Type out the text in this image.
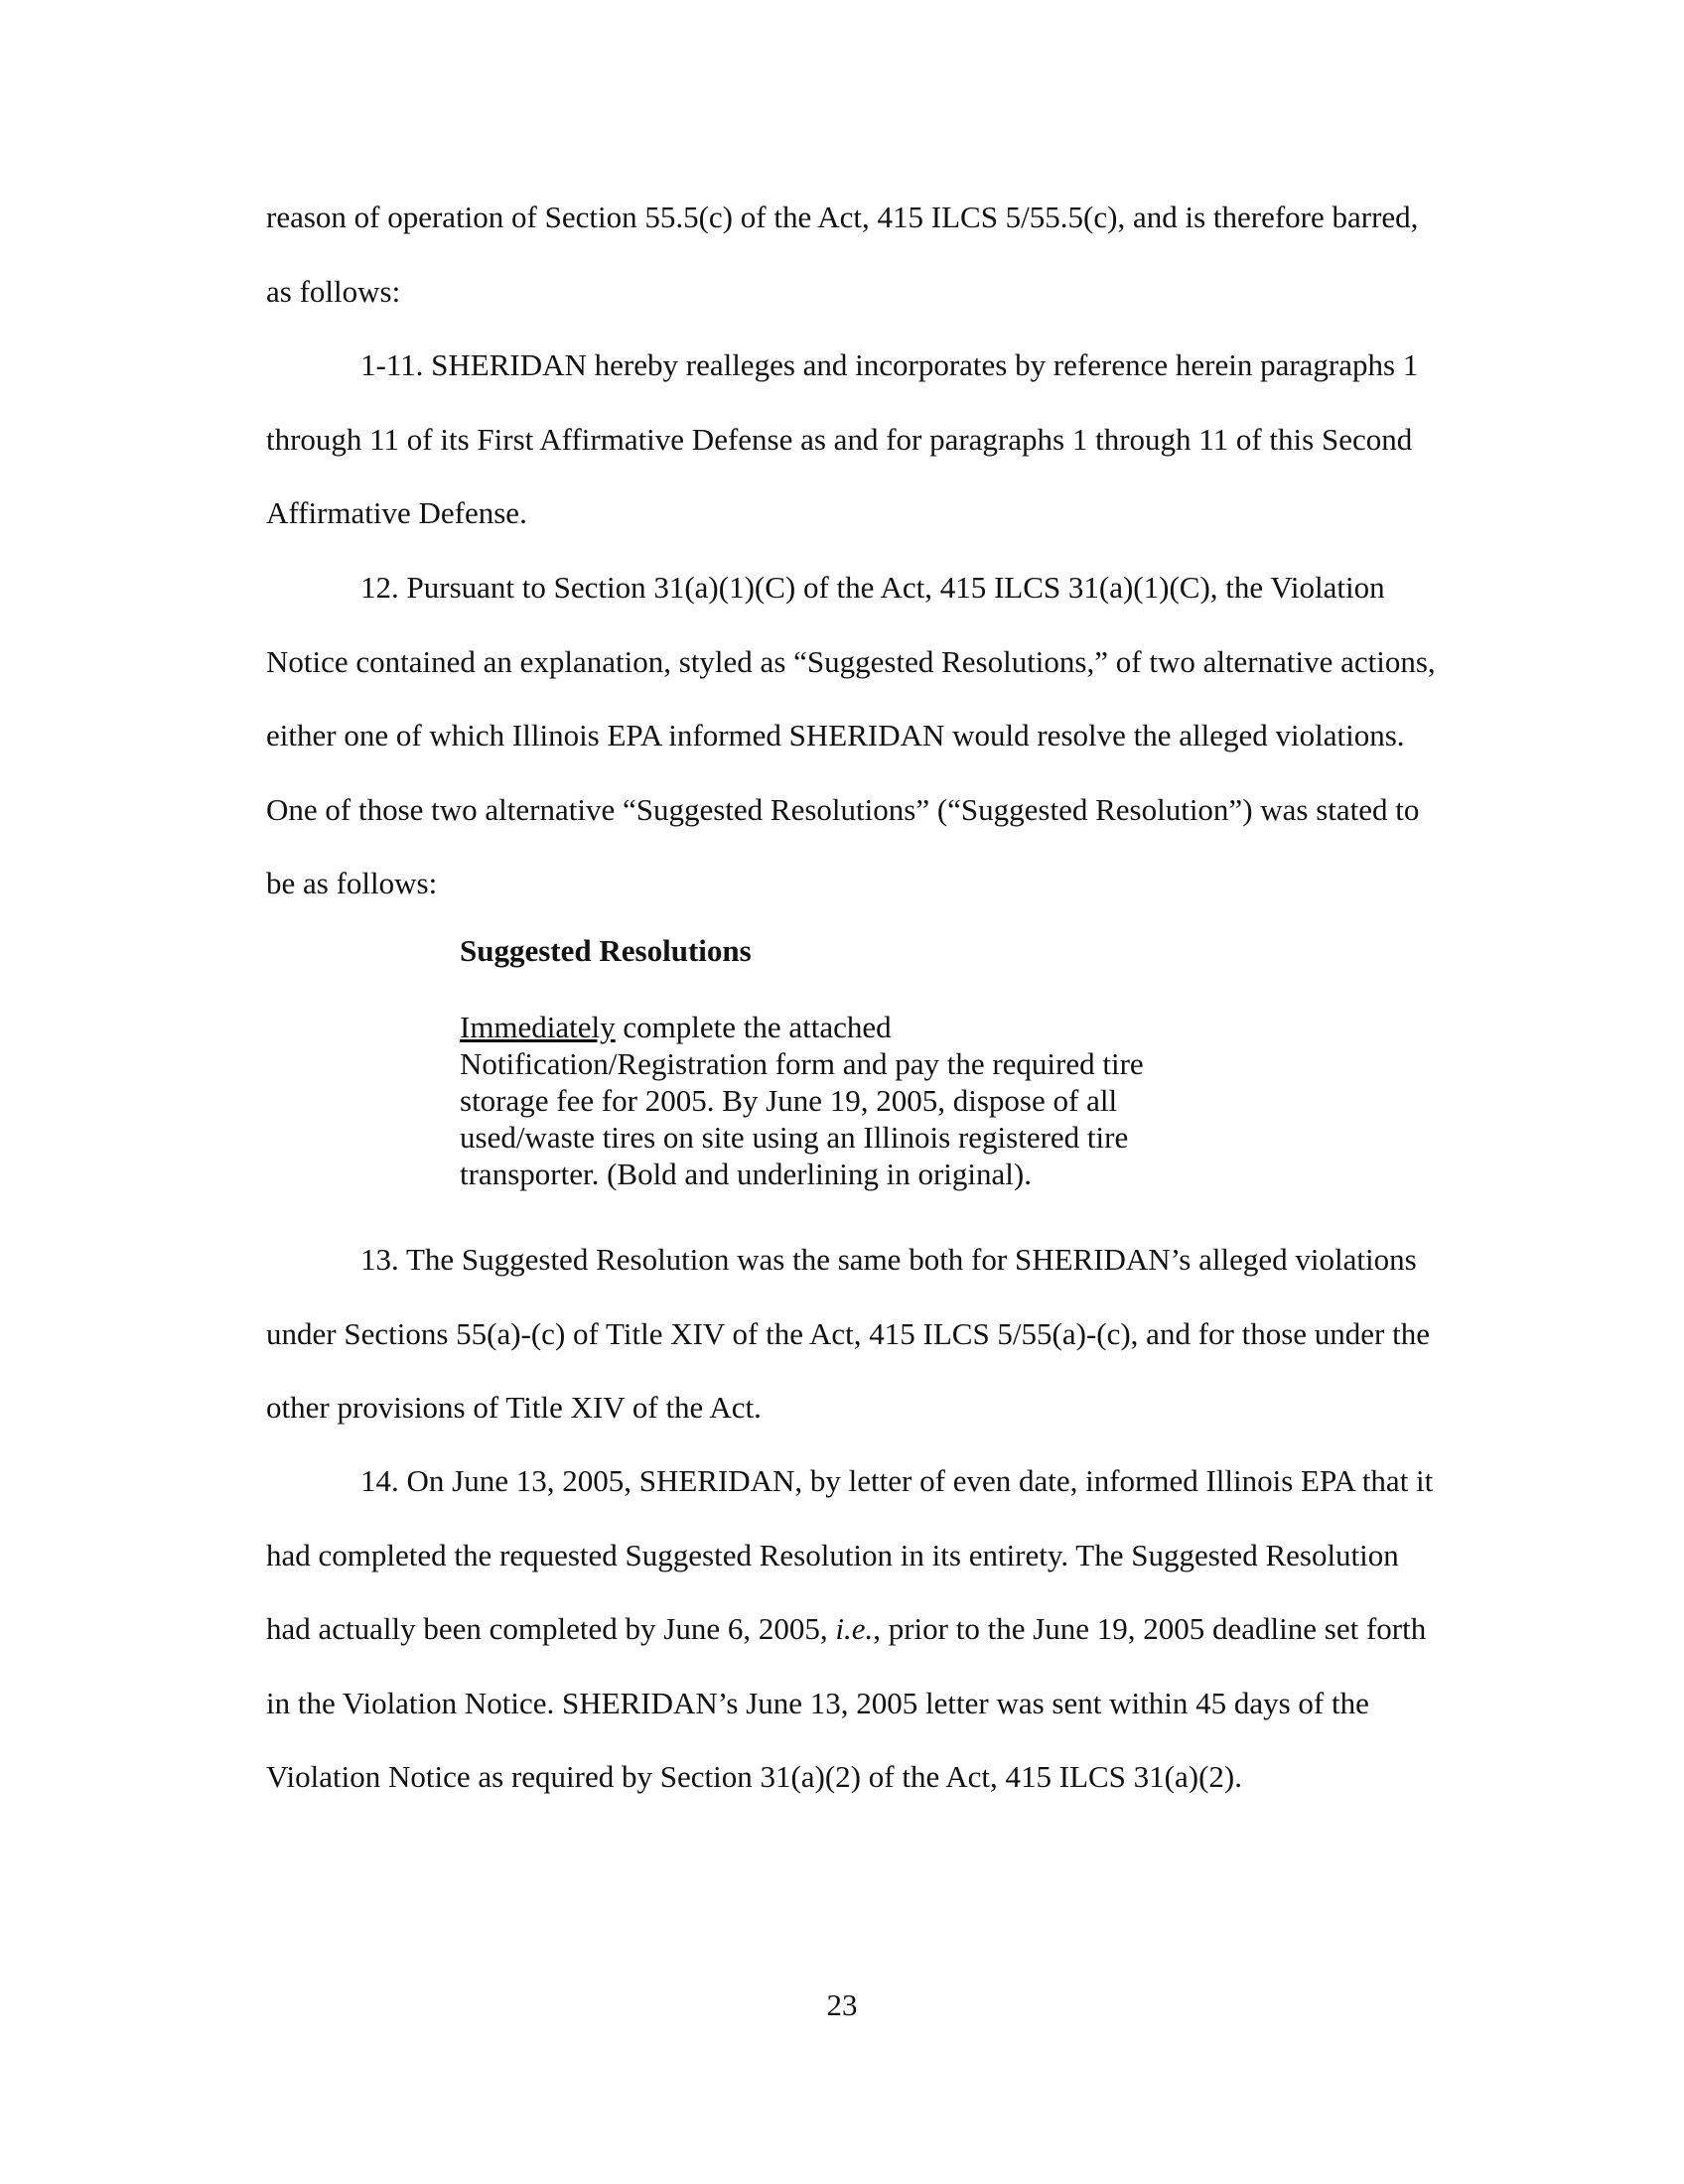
reason of operation of Section 55.5(c) of the Act, 415 ILCS 5/55.5(c), and is therefore barred, as follows:

1-11. SHERIDAN hereby realleges and incorporates by reference herein paragraphs 1 through 11 of its First Affirmative Defense as and for paragraphs 1 through 11 of this Second Affirmative Defense.

12. Pursuant to Section 31(a)(1)(C) of the Act, 415 ILCS 31(a)(1)(C), the Violation Notice contained an explanation, styled as “Suggested Resolutions,” of two alternative actions, either one of which Illinois EPA informed SHERIDAN would resolve the alleged violations. One of those two alternative “Suggested Resolutions” (“Suggested Resolution”) was stated to be as follows:

Suggested Resolutions

Immediately complete the attached
Notification/Registration form and pay the required tire
storage fee for 2005. By June 19, 2005, dispose of all
used/waste tires on site using an Illinois registered tire
transporter. (Bold and underlining in original).

13. The Suggested Resolution was the same both for SHERIDAN’s alleged violations under Sections 55(a)-(c) of Title XIV of the Act, 415 ILCS 5/55(a)-(c), and for those under the other provisions of Title XIV of the Act.

14. On June 13, 2005, SHERIDAN, by letter of even date, informed Illinois EPA that it had completed the requested Suggested Resolution in its entirety. The Suggested Resolution had actually been completed by June 6, 2005, i.e., prior to the June 19, 2005 deadline set forth in the Violation Notice. SHERIDAN’s June 13, 2005 letter was sent within 45 days of the Violation Notice as required by Section 31(a)(2) of the Act, 415 ILCS 31(a)(2).

23
